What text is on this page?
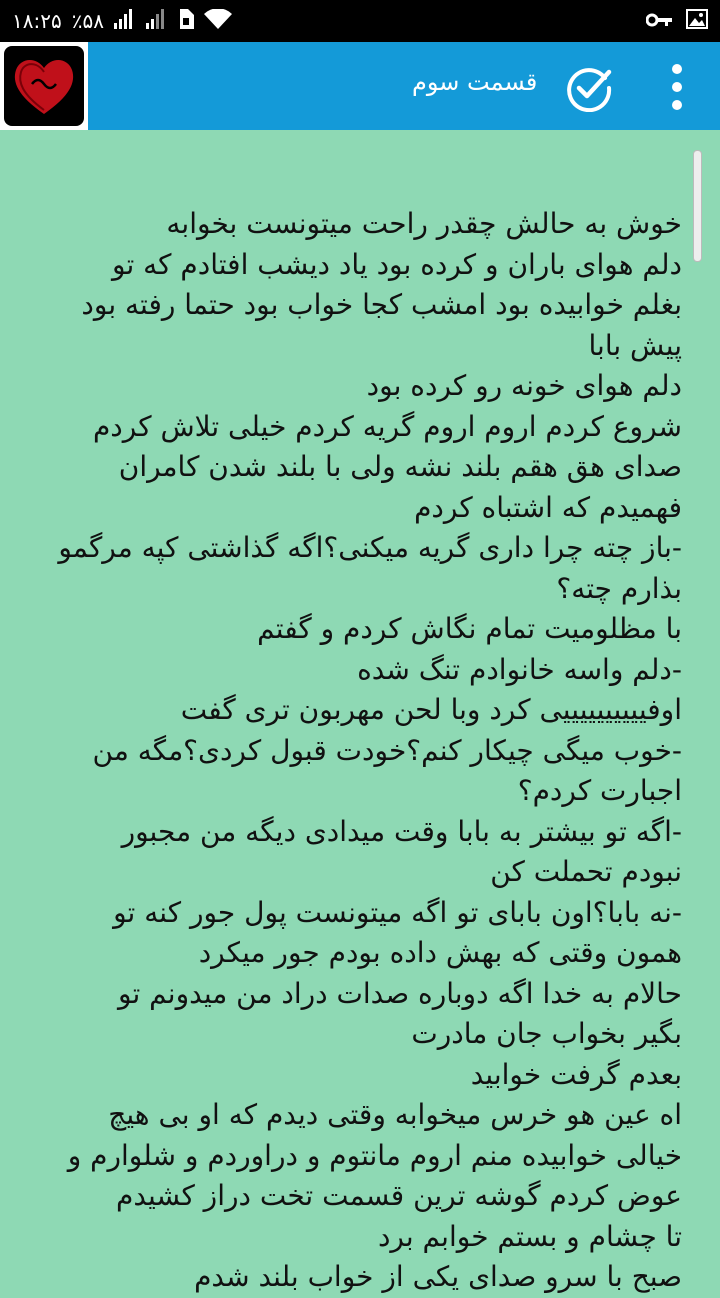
۱۸:۲۵ ٪۵۸
قسمت سوم

خوش به حالش چقدر راحت میتونست بخوابه

دلم هوای باران و کرده بود یاد دیشب افتادم که تو

بغلم خوابیده بود امشب کجا خواب بود حتما رفته بود

پیش بابا

دلم هوای خونه رو کرده بود

شروع کردم اروم اروم گریه کردم خیلی تلاش کردم

صدای هق هقم بلند نشه ولی با بلند شدن کامران

فهمیدم که اشتباه کردم

-باز چته چرا داری گریه میکنی؟اگه گذاشتی کپه مرگمو

بذارم چته؟

با مظلومیت تمام نگاش کردم و گفتم

-دلم واسه خانوادم تنگ شده

اوفییییییییییی کرد وبا لحن مهربون تری گفت

-خوب میگی چیکار کنم؟خودت قبول کردی؟مگه من

اجبارت کردم؟

-اگه تو بیشتر به بابا وقت میدادی دیگه من مجبور

نبودم تحملت کن

-نه بابا؟اون بابای تو اگه میتونست پول جور کنه تو

همون وقتی که بهش داده بودم جور میکرد

حالام به خدا اگه دوباره صدات دراد من میدونم تو

بگیر بخواب جان مادرت

بعدم گرفت خوابید

اه عین هو خرس میخوابه وقتی دیدم که او بی هیچ

خیالی خوابیده منم اروم مانتوم و دراوردم و شلوارم و

عوض کردم گوشه ترین قسمت تخت دراز کشیدم

تا چشام و بستم خوابم برد

صبح با سرو صدای یکی از خواب بلند شدم
